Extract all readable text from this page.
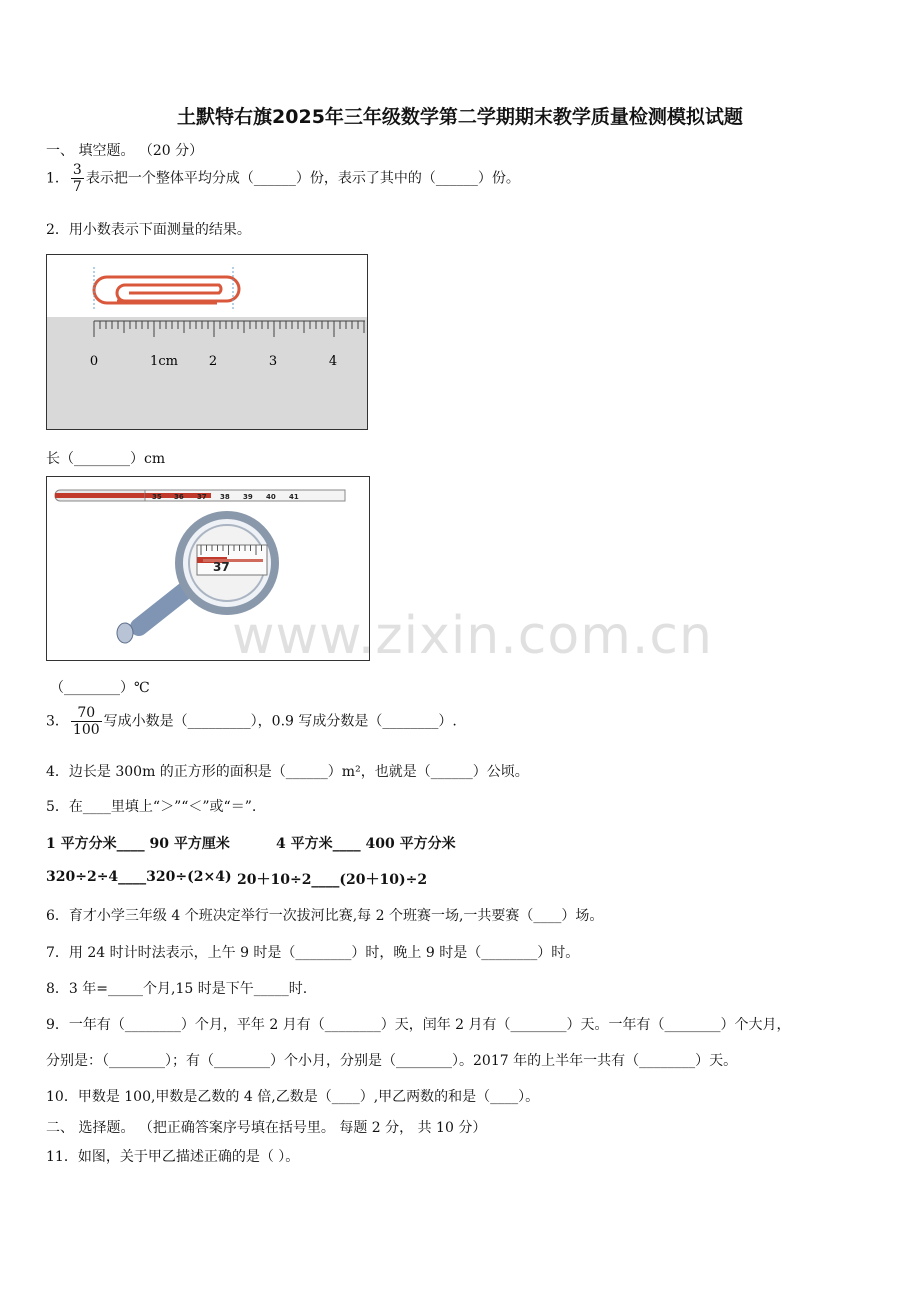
土默特右旗2025年三年级数学第二学期期末教学质量检测模拟试题
一、 填空题。 （20 分）
1． $\frac{3}{7}$ 表示把一个整体平均分成（______）份，表示了其中的（______）份。
2．用小数表示下面测量的结果。
0	1cm 2	3	4
长（________）cm
35 36 37 38 39 40 41
37
（________）℃
3． $\frac{70}{100}$ 写成小数是（_________），0.9 写成分数是（________）.
4．边长是 300m 的正方形的面积是（______）m²，也就是（______）公顷。
5．在____里填上“＞”“＜”或“＝”.
1 平方分米____ 90 平方厘米	4 平方米____ 400 平方分米
320÷2÷4____320÷(2×4) 20＋10÷2____(20＋10)÷2
6．育才小学三年级 4 个班决定举行一次拔河比赛,每 2 个班赛一场,一共要赛（____）场。
7．用 24 时计时法表示，上午 9 时是（________）时，晚上 9 时是（________）时。
8．3 年=_____个月,15 时是下午_____时.
9．一年有（________）个月，平年 2 月有（________）天，闰年 2 月有（________）天。一年有（________）个大月，
分别是：（________）；有（________）个小月，分别是（________）。2017 年的上半年一共有（________）天。
10．甲数是 100,甲数是乙数的 4 倍,乙数是（____）,甲乙两数的和是（____）。
二、 选择题。 （把正确答案序号填在括号里。 每题 2 分， 共 10 分）
11．如图，关于甲乙描述正确的是（ ）。
www.zixin.com.cn
